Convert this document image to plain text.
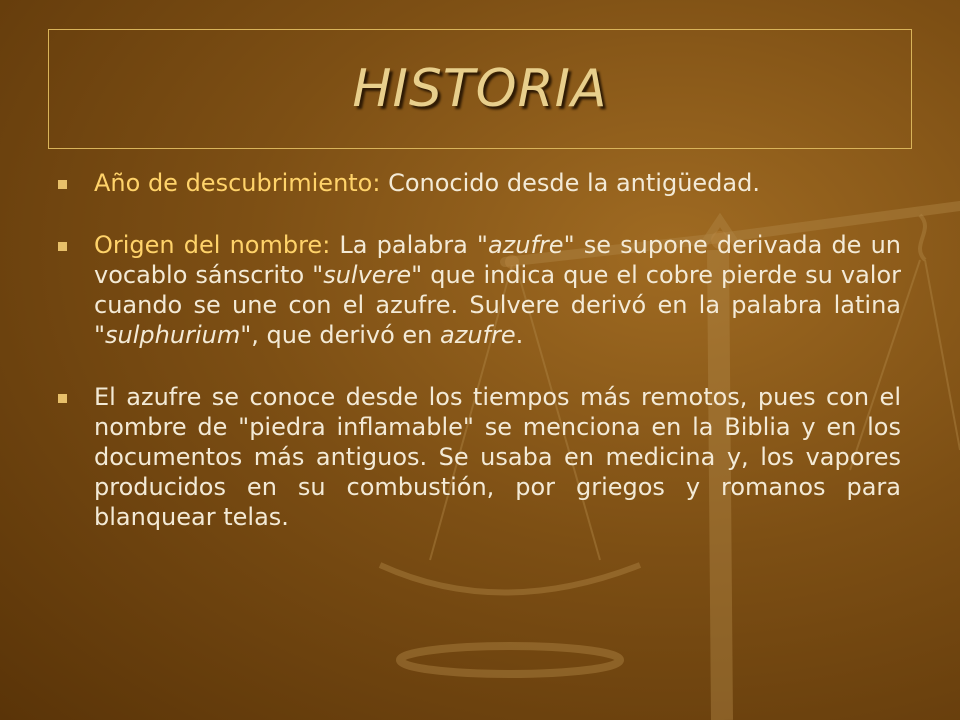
HISTORIA

Año de descubrimiento: Conocido desde la antigüedad.

Origen del nombre: La palabra "azufre" se supone derivada de un vocablo sánscrito "sulvere" que indica que el cobre pierde su valor cuando se une con el azufre. Sulvere derivó en la palabra latina "sulphurium", que derivó en azufre.

El azufre se conoce desde los tiempos más remotos, pues con el nombre de "piedra inflamable" se menciona en la Biblia y en los documentos más antiguos. Se usaba en medicina y, los vapores producidos en su combustión, por griegos y romanos para blanquear telas.
